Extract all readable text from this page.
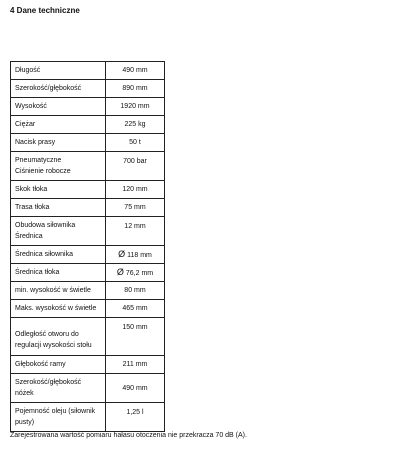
4 Dane techniczne
Długość	490 mm

Szerokość/głębokość	890 mm

Wysokość	1920 mm

Ciężar	225 kg

Nacisk prasy	50 t

Pneumatyczne
Ciśnienie robocze	700 bar

Skok tłoka	120 mm

Trasa tłoka	75 mm

Obudowa siłownika
Średnica	12 mm

Średnica siłownika	Ø 118 mm

Średnica tłoka	Ø 76,2 mm

min. wysokość w świetle	80 mm

Maks. wysokość w świetle	465 mm

Odległość otworu do
regulacji wysokości stołu	150 mm

Głębokość ramy	211 mm

Szerokość/głębokość
nóżek	490 mm

Pojemność oleju (siłownik
pusty)	1,25 l
Zarejestrowana wartość pomiaru hałasu otoczenia nie przekracza 70 dB (A).
